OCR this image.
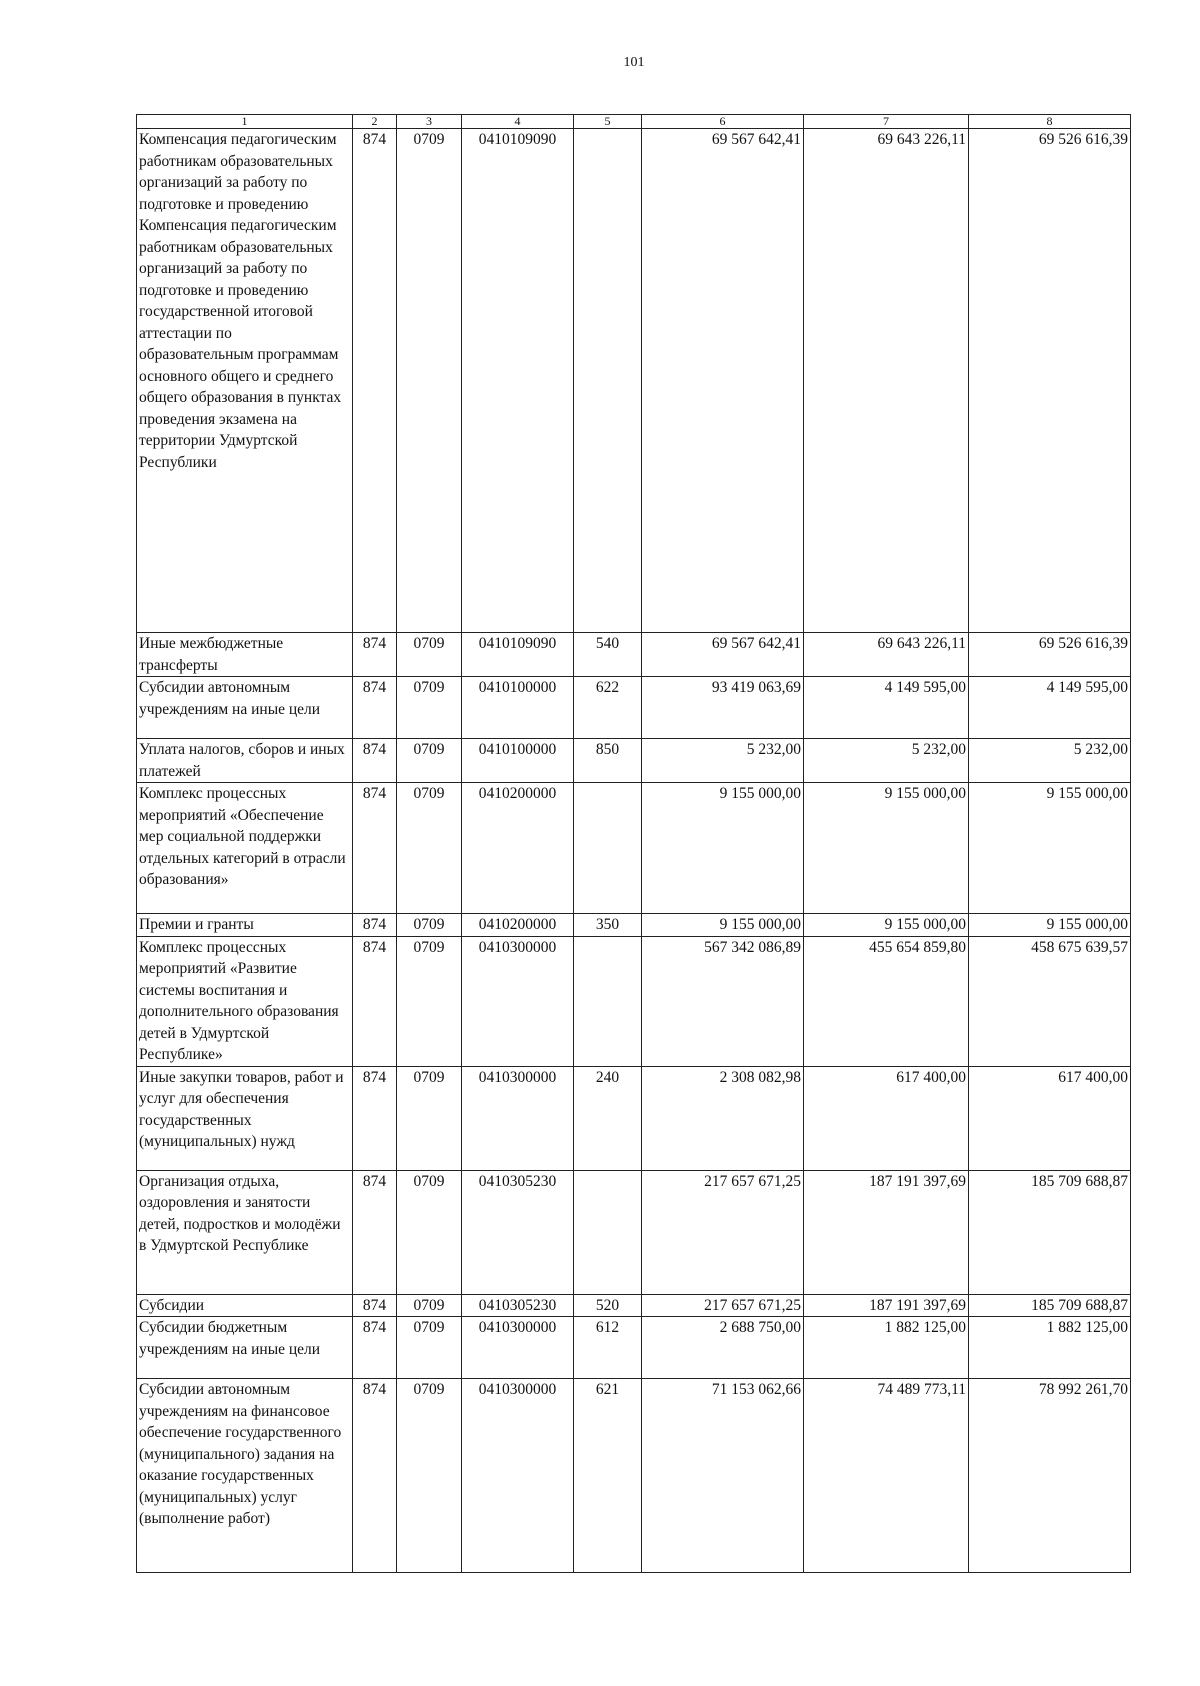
101
1	2	3	4	5	6	7	8
Компенсация педагогическим работникам образовательных организаций за работу по подготовке и проведению Компенсация педагогическим работникам образовательных организаций за работу по подготовке и проведению государственной итоговой аттестации по образовательным программам основного общего и среднего общего образования в пунктах проведения экзамена на территории Удмуртской Республики	874	0709	0410109090		69 567 642,41	69 643 226,11	69 526 616,39
Иные межбюджетные трансферты	874	0709	0410109090	540	69 567 642,41	69 643 226,11	69 526 616,39
Субсидии автономным учреждениям на иные цели	874	0709	0410100000	622	93 419 063,69	4 149 595,00	4 149 595,00
Уплата налогов, сборов и иных платежей	874	0709	0410100000	850	5 232,00	5 232,00	5 232,00
Комплекс процессных мероприятий «Обеспечение мер социальной поддержки отдельных категорий в отрасли образования»	874	0709	0410200000		9 155 000,00	9 155 000,00	9 155 000,00
Премии и гранты	874	0709	0410200000	350	9 155 000,00	9 155 000,00	9 155 000,00
Комплекс процессных мероприятий «Развитие системы воспитания и дополнительного образования детей в Удмуртской Республике»	874	0709	0410300000		567 342 086,89	455 654 859,80	458 675 639,57
Иные закупки товаров, работ и услуг для обеспечения государственных (муниципальных) нужд	874	0709	0410300000	240	2 308 082,98	617 400,00	617 400,00
Организация отдыха, оздоровления и занятости детей, подростков и молодёжи в Удмуртской Республике	874	0709	0410305230		217 657 671,25	187 191 397,69	185 709 688,87
Субсидии	874	0709	0410305230	520	217 657 671,25	187 191 397,69	185 709 688,87
Субсидии бюджетным учреждениям на иные цели	874	0709	0410300000	612	2 688 750,00	1 882 125,00	1 882 125,00
Субсидии автономным учреждениям на финансовое обеспечение государственного (муниципального) задания на оказание государственных (муниципальных) услуг (выполнение работ)	874	0709	0410300000	621	71 153 062,66	74 489 773,11	78 992 261,70
